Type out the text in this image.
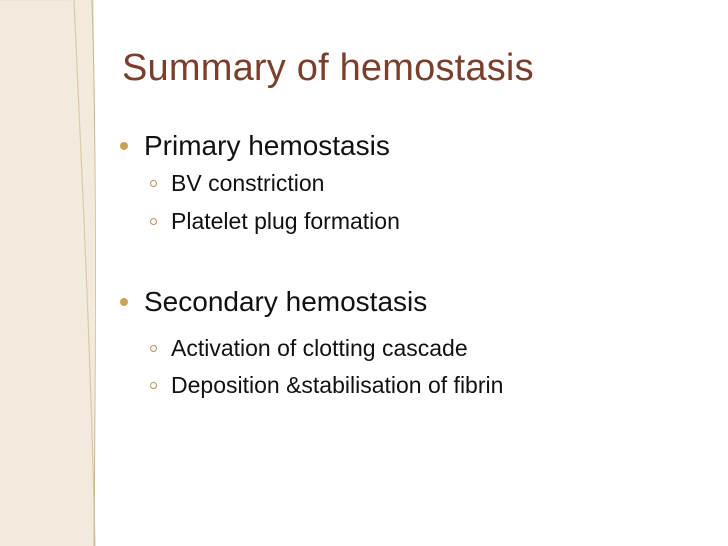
Summary of hemostasis
Primary hemostasis
BV constriction
Platelet plug formation
Secondary hemostasis
Activation of clotting cascade
Deposition &stabilisation of fibrin
